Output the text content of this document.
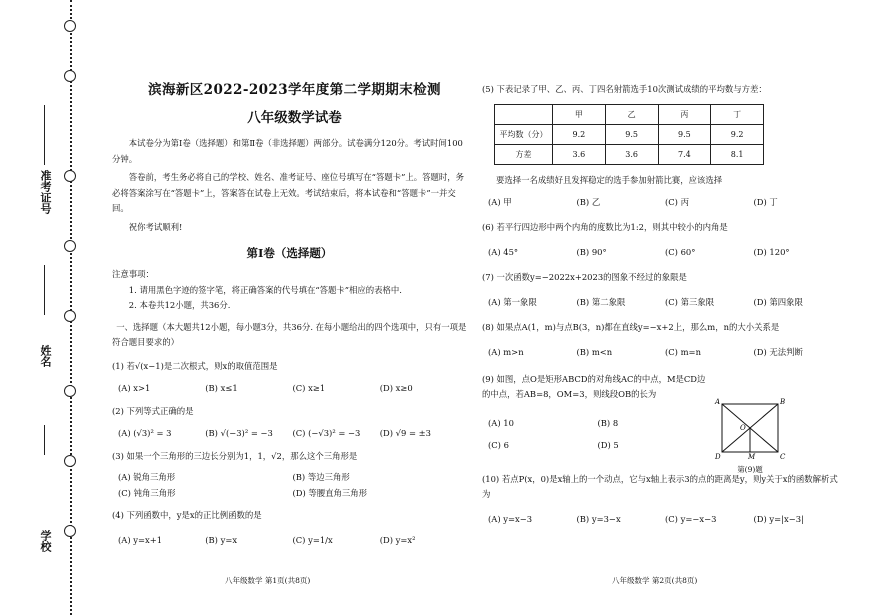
准考证号
姓名
学校
滨海新区2022-2023学年度第二学期期末检测
八年级数学试卷
本试卷分为第Ⅰ卷（选择题）和第Ⅱ卷（非选择题）两部分。试卷满分120分。考试时间100分钟。
答卷前，考生务必将自己的学校、姓名、准考证号、座位号填写在“答题卡”上。答题时，务必将答案涂写在“答题卡”上，答案答在试卷上无效。考试结束后，将本试卷和“答题卡”一并交回。
祝你考试顺利!
第Ⅰ卷（选择题）
注意事项：
1. 请用黑色字迹的签字笔，将正确答案的代号填在“答题卡”相应的表格中.
2. 本卷共12小题，共36分.
一、选择题（本大题共12小题，每小题3分，共36分. 在每小题给出的四个选项中，只有一项是符合题目要求的）
(1) 若√(x−1)是二次根式，则x的取值范围是
(A) x>1	(B) x≤1	(C) x≥1	(D) x≥0
(2) 下列等式正确的是
(A) (√3)² = 3	(B) √(−3)² = −3	(C) (−√3)² = −3	(D) √9 = ±3
(3) 如果一个三角形的三边长分别为1，1，√2，那么这个三角形是
(A) 锐角三角形	(B) 等边三角形
(C) 钝角三角形	(D) 等腰直角三角形
(4) 下列函数中，y是x的正比例函数的是
(A) y=x+1	(B) y=x	(C) y=1/x	(D) y=x²
八年级数学 第1页(共8页)
(5) 下表记录了甲、乙、丙、丁四名射箭选手10次测试成绩的平均数与方差：
	甲	乙	丙	丁
平均数（分）	9.2	9.5	9.5	9.2
方差	3.6	3.6	7.4	8.1
要选择一名成绩好且发挥稳定的选手参加射箭比赛，应该选择
(A) 甲	(B) 乙	(C) 丙	(D) 丁
(6) 若平行四边形中两个内角的度数比为1:2，则其中较小的内角是
(A) 45°	(B) 90°	(C) 60°	(D) 120°
(7) 一次函数y=−2022x+2023的图象不经过的象限是
(A) 第一象限	(B) 第二象限	(C) 第三象限	(D) 第四象限
(8) 如果点A(1，m)与点B(3，n)都在直线y=−x+2上，那么m，n的大小关系是
(A) m>n	(B) m<n	(C) m=n	(D) 无法判断
(9) 如图，点O是矩形ABCD的对角线AC的中点，M是CD边的中点，若AB=8，OM=3，则线段OB的长为
(A) 10	(B) 8
(C) 6	(D) 5
(10) 若点P(x，0)是x轴上的一个动点，它与x轴上表示3的点的距离是y，则y关于x的函数解析式为
(A) y=x−3	(B) y=3−x	(C) y=−x−3	(D) y=|x−3|
A	B
C
D	M
O
第(9)题
八年级数学 第2页(共8页)
